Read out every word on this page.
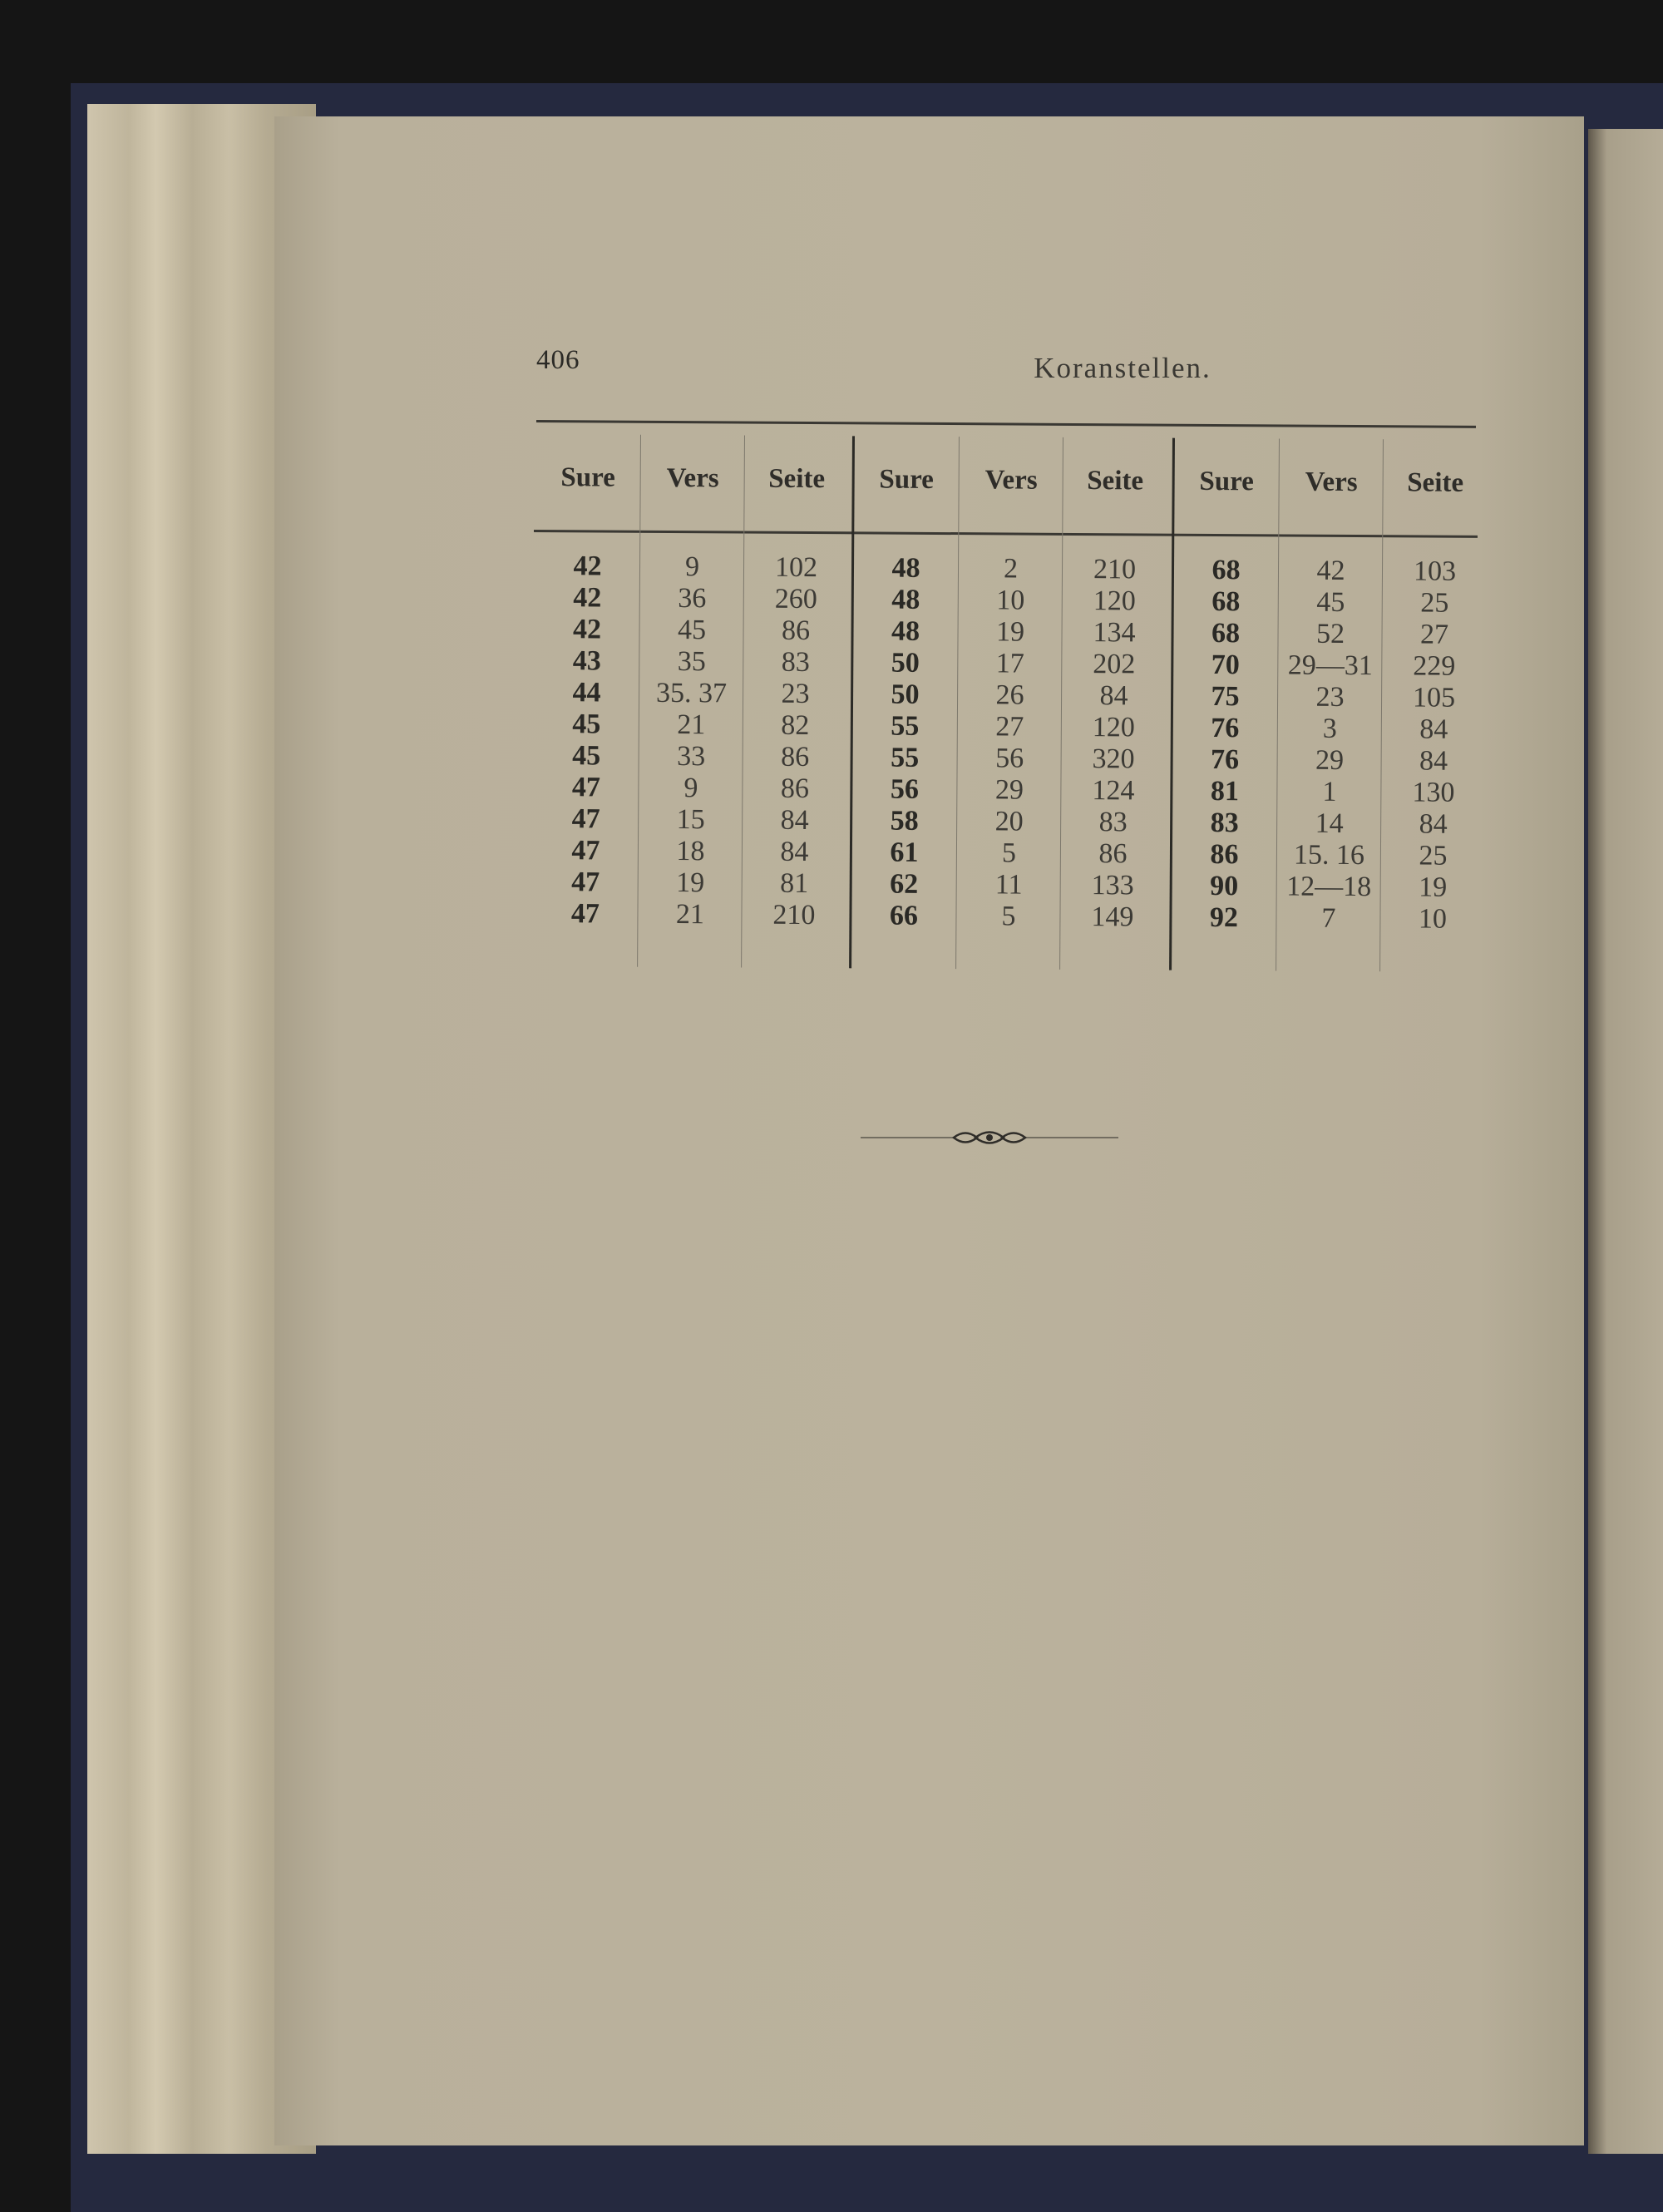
406	Koranstellen.
Sure
42
42
42
43
44
45
45
47
47
47
47
47
Vers
9
36
45
35
35. 37
21
33
9
15
18
19
21
Seite
102
260
86
83
23
82
86
86
84
84
81
210
Sure
48
48
48
50
50
55
55
56
58
61
62
66
Vers
2
10
19
17
26
27
56
29
20
5
11
5
Seite
210
120
134
202
84
120
320
124
83
86
133
149
Sure
68
68
68
70
75
76
76
81
83
86
90
92
Vers
42
45
52
29—31
23
3
29
1
14
15. 16
12—18
7
Seite
103
25
27
229
105
84
84
130
84
25
19
10
